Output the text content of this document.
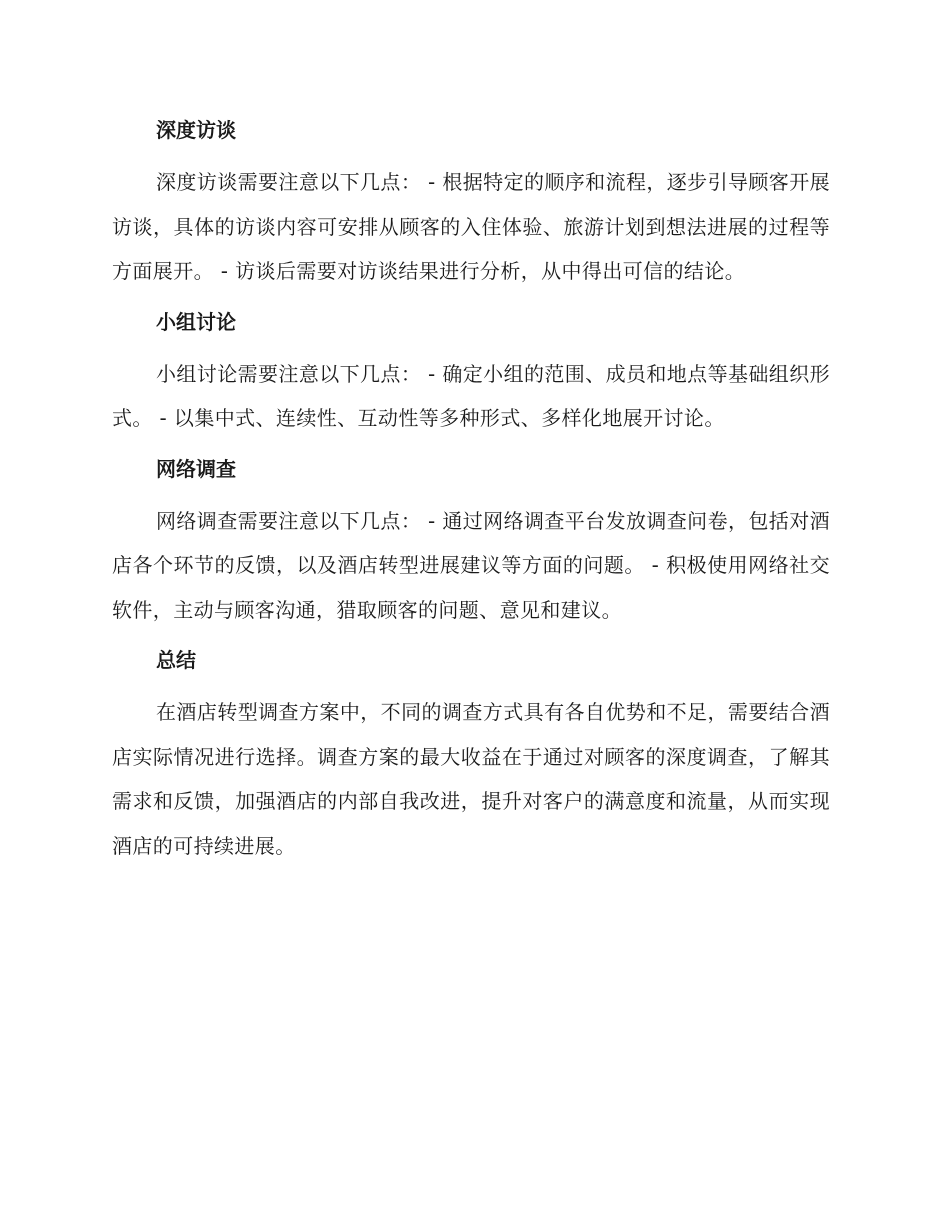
深度访谈

深度访谈需要注意以下几点： - 根据特定的顺序和流程，逐步引导顾客开展访谈，具体的访谈内容可安排从顾客的入住体验、旅游计划到想法进展的过程等方面展开。 - 访谈后需要对访谈结果进行分析，从中得出可信的结论。

小组讨论

小组讨论需要注意以下几点： - 确定小组的范围、成员和地点等基础组织形式。 - 以集中式、连续性、互动性等多种形式、多样化地展开讨论。

网络调查

网络调查需要注意以下几点： - 通过网络调查平台发放调查问卷，包括对酒店各个环节的反馈，以及酒店转型进展建议等方面的问题。 - 积极使用网络社交软件，主动与顾客沟通，猎取顾客的问题、意见和建议。

总结

在酒店转型调查方案中，不同的调查方式具有各自优势和不足，需要结合酒店实际情况进行选择。调查方案的最大收益在于通过对顾客的深度调查，了解其需求和反馈，加强酒店的内部自我改进，提升对客户的满意度和流量，从而实现酒店的可持续进展。
